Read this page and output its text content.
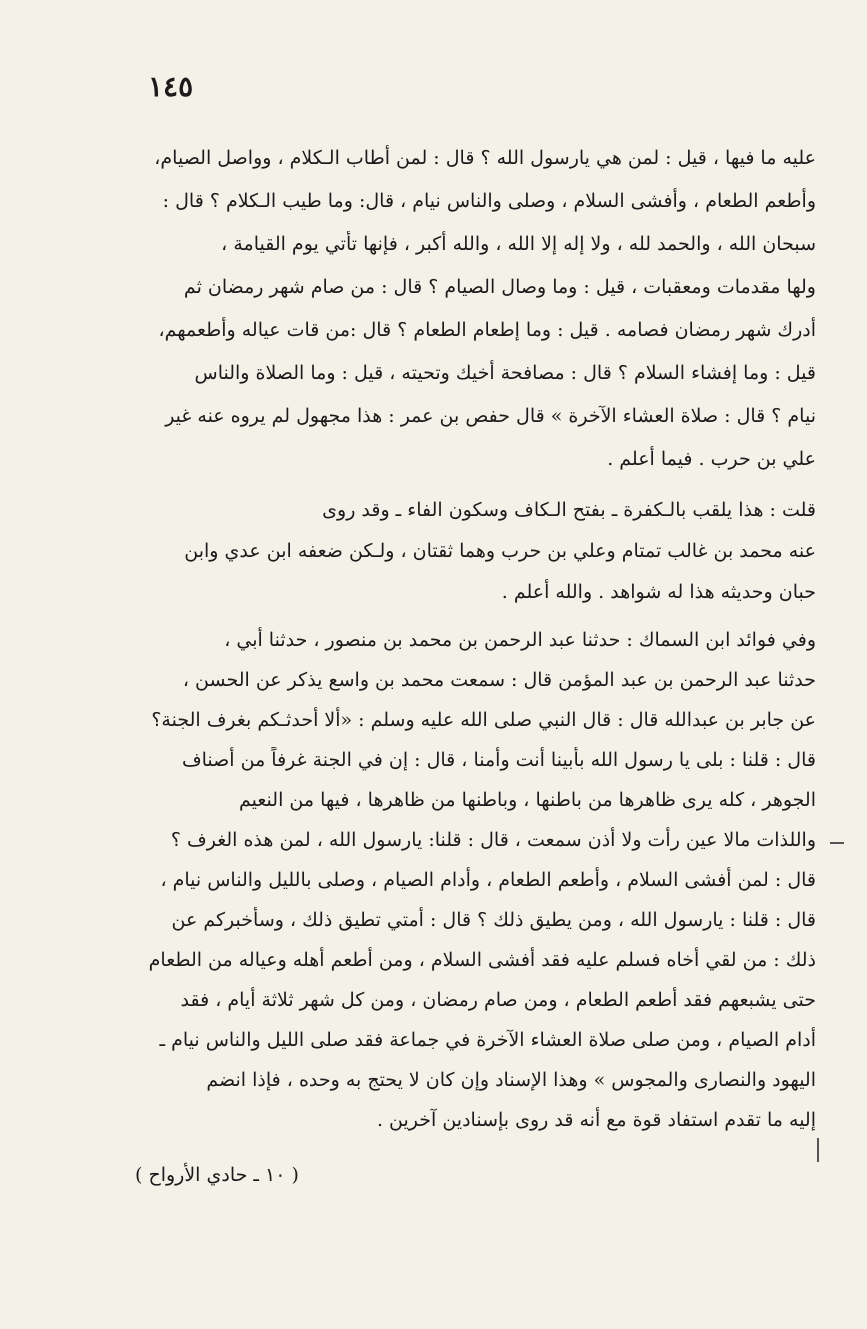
١٤٥
عليه ما فيها ، قيل : لمن هي يارسول الله ؟ قال : لمن أطاب الـكلام ، وواصل الصيام،
وأطعم الطعام ، وأفشى السلام ، وصلى والناس نيام ، قال: وما طيب الـكلام ؟ قال :
سبحان الله ، والحمد لله ، ولا إله إلا الله ، والله أكبر ، فإنها تأتي يوم القيامة ،
ولها مقدمات ومعقبات ، قيل : وما وصال الصيام ؟ قال : من صام شهر رمضان ثم
أدرك شهر رمضان فصامه . قيل : وما إطعام الطعام ؟ قال :من قات عياله وأطعمهم،
قيل : وما إفشاء السلام ؟ قال : مصافحة أخيك وتحيته ، قيل : وما الصلاة والناس
نيام ؟ قال : صلاة العشاء الآخرة » قال حفص بن عمر : هذا مجهول لم يروه عنه غير
علي بن حرب . فيما أعلم .
قلت : هذا يلقب بالـكفرة ـ بفتح الـكاف وسكون الفاء ـ وقد روى
عنه محمد بن غالب تمتام وعلي بن حرب وهما ثقتان ، ولـكن ضعفه ابن عدي وابن
حبان وحديثه هذا له شواهد . والله أعلم .
وفي فوائد ابن السماك : حدثنا عبد الرحمن بن محمد بن منصور ، حدثنا أبي ،
حدثنا عبد الرحمن بن عبد المؤمن قال : سمعت محمد بن واسع يذكر عن الحسن ،
عن جابر بن عبدالله قال : قال النبي صلى الله عليه وسلم : «ألا أحدثـكم بغرف الجنة؟
قال : قلنا : بلى يا رسول الله بأبينا أنت وأمنا ، قال : إن في الجنة غرفاً من أصناف
الجوهر ، كله يرى ظاهرها من باطنها ، وباطنها من ظاهرها ، فيها من النعيم
واللذات مالا عين رأت ولا أذن سمعت ، قال : قلنا: يارسول الله ، لمن هذه الغرف ؟
قال : لمن أفشى السلام ، وأطعم الطعام ، وأدام الصيام ، وصلى بالليل والناس نيام ،
قال : قلنا : يارسول الله ، ومن يطيق ذلك ؟ قال : أمتي تطيق ذلك ، وسأخبركم عن
ذلك : من لقي أخاه فسلم عليه فقد أفشى السلام ، ومن أطعم أهله وعياله من الطعام
حتى يشبعهم فقد أطعم الطعام ، ومن صام رمضان ، ومن كل شهر ثلاثة أيام ، فقد
أدام الصيام ، ومن صلى صلاة العشاء الآخرة في جماعة فقد صلى الليل والناس نيام ـ
اليهود والنصارى والمجوس » وهذا الإسناد وإن كان لا يحتج به وحده ، فإذا انضم
إليه ما تقدم استفاد قوة مع أنه قد روى بإسنادين آخرين .
( ١٠ ـ حادي الأرواح )
